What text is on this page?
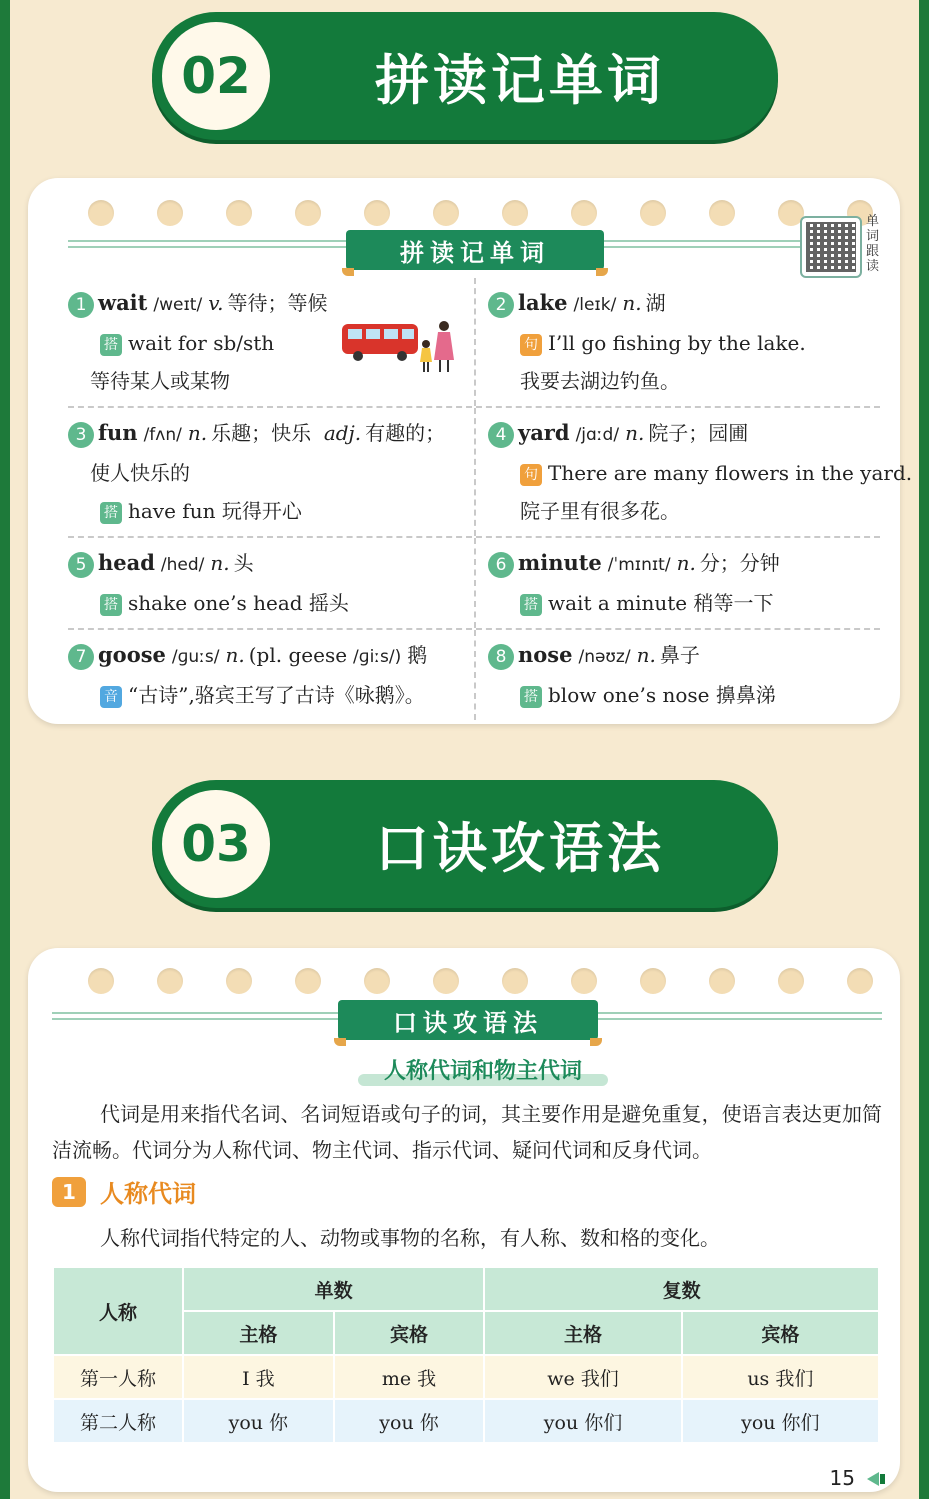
02	拼读记单词
拼读记单词
单词跟读
1 wait /weɪt/ v. 等待；等候
搭 wait for sb/sth
等待某人或某物
2 lake /leɪk/ n. 湖
句 I’ll go fishing by the lake.
我要去湖边钓鱼。
3 fun /fʌn/ n. 乐趣；快乐 adj. 有趣的；
使人快乐的
搭 have fun 玩得开心
4 yard /jɑːd/ n. 院子；园圃
句 There are many flowers in the yard.
院子里有很多花。
5 head /hed/ n. 头
搭 shake one’s head 摇头
6 minute /ˈmɪnɪt/ n. 分；分钟
搭 wait a minute 稍等一下
7 goose /ɡuːs/ n. (pl. geese /ɡiːs/) 鹅
音 “古诗”,骆宾王写了古诗《咏鹅》。
8 nose /nəʊz/ n. 鼻子
搭 blow one’s nose 擤鼻涕
03	口诀攻语法
口诀攻语法
人称代词和物主代词
代词是用来指代名词、名词短语或句子的词，其主要作用是避免重复，使语言表达更加简洁流畅。代词分为人称代词、物主代词、指示代词、疑问代词和反身代词。
1	人称代词
人称代词指代特定的人、动物或事物的名称，有人称、数和格的变化。
人称	单数		复数	
	主格	宾格	主格	宾格
第一人称	I 我	me 我	we 我们	us 我们
第二人称	you 你	you 你	you 你们	you 你们
15
